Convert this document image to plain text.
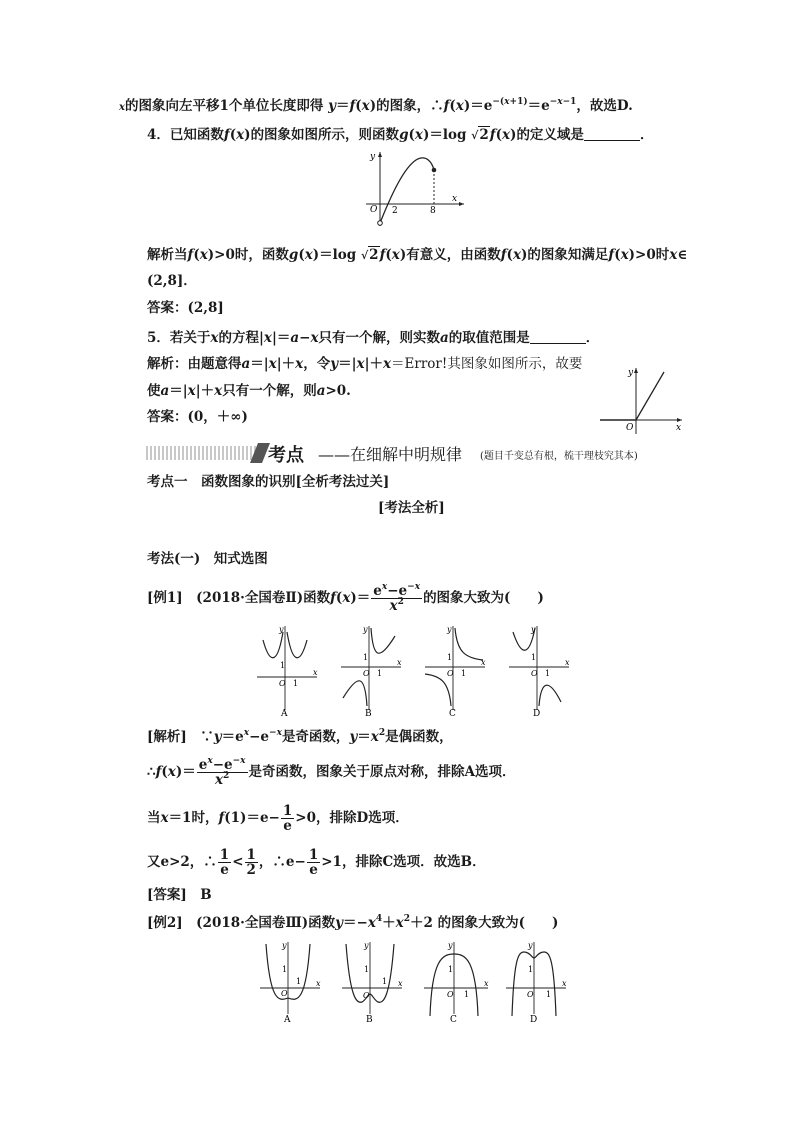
x的图象向左平移1个单位长度即得 y＝f(x)的图象，$\therefore f(x)=e^{-(x+1)}=e^{-x-1}$，故选D.
4．已知函数f(x)的图象如图所示，则函数g(x)＝log √2f(x)的定义域是	．
y
O 2	8
x
解析当f(x)>0时，函数g(x)＝log √2f(x)有意义，由函数f(x)的图象知满足f(x)>0时x∈
(2,8]．
答案：(2,8]
5．若关于x的方程|x|＝a−x只有一个解，则实数a的取值范围是	．
解析：由题意得a＝|x|＋x，令y＝|x|＋x＝Error!其图象如图所示，故要
使a＝|x|＋x只有一个解，则a>0.
答案：(0，＋∞)
y
O	x
考点 ——在细解中明规律 (题目千变总有根，梳干理枝究其本)
考点一　函数图象的识别[全析考法过关]
[考法全析]
考法(一)　知式选图
[例1]　 (2018·全国卷Ⅱ)函数$f(x)= \frac{e^x-e^{-x}}{x^2}$ 的图象大致为(　　)
y
1
O 1
x
A
y
1
O 1
x
B
y
1
O 1
x
C
y
1
O 1
x
D
[解析]　$\because y=e^x-e^{-x}$是奇函数，$y=x^2$是偶函数，
∴f(x)＝ $\frac{e^x-e^{-x}}{x^2}$ 是奇函数，图象关于原点对称，排除A选项．
当x＝1时，$f(1)=e- \frac{1}{e} >0$，排除D选项．
又e>2，∴ $\frac{1}{e} < \frac{1}{2}$ ，∴e− $\frac{1}{e} >1$，排除C选项．故选B．
[答案]　 B
[例2]　 (2018·全国卷Ⅲ)函数$y=-x^4+x^2+2$ 的图象大致为(　　)
y
1
O
1 x
A
y
1
O
1 x
B
y
1
O 1
x
C
y
1
O 1
x
D
